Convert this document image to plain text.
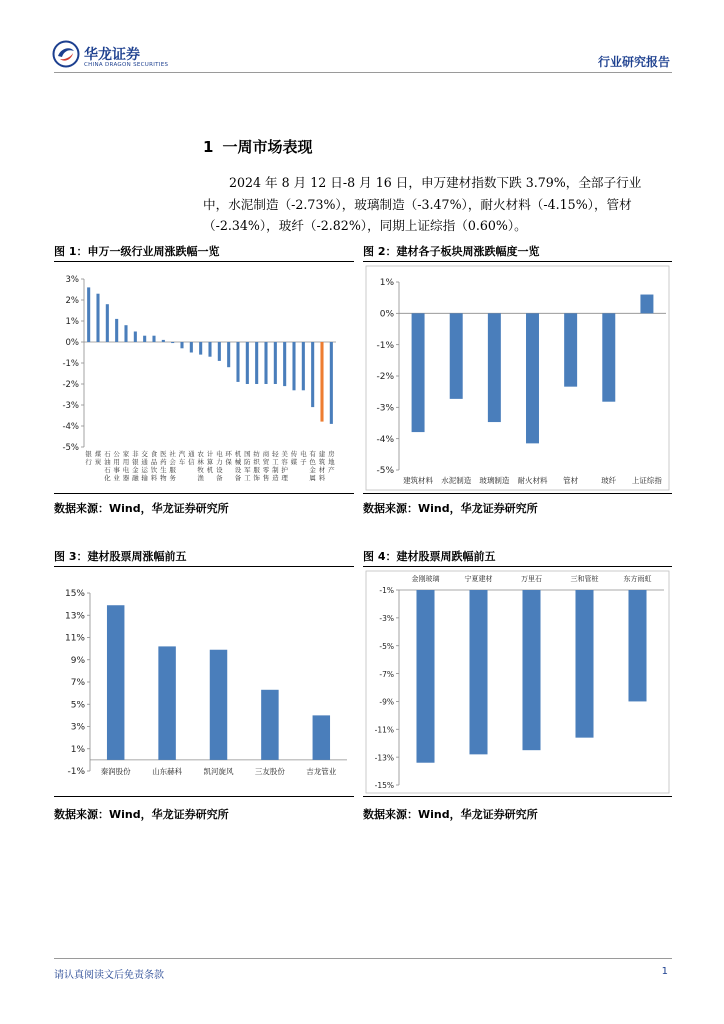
华龙证券
CHINA DRAGON SECURITIES	行业研究报告
1 一周市场表现
2024 年 8 月 12 日-8 月 16 日，申万建材指数下跌 3.79%，全部子行业
中，水泥制造（-2.73%），玻璃制造（-3.47%），耐火材料（-4.15%），管材
（-2.34%），玻纤（-2.82%），同期上证综指（0.60%）。
图 1：申万一级行业周涨跌幅一览
3%
2%
1%
0%
-1%
-2%
-3%
-4%
-5%
银
行
煤
炭
石
油
石
化
公
用
事
业
家
用
电
器
非
银
金
融
交
通
运
输
食
品
饮
料
医
药
生
物
社
会
服
务
汽
车
通
信
农
林
牧
渔
计
算
机
电
力
设
备
环
保
机
械
设
备
国
防
军
工
纺
织
服
饰
商
贸
零
售
轻
工
制
造
美
容
护
理
传
媒
电
子
有
色
金
属
建
筑
材
料
房
地
产
数据来源：Wind，华龙证券研究所
图 2：建材各子板块周涨跌幅度一览
1%
0%
-1%
-2%
-3%
-4%
-5%
建筑材料 水泥制造 玻璃制造 耐火材料 管材	玻纤 上证综指
数据来源：Wind，华龙证券研究所
图 3：建材股票周涨幅前五
15%
13%
11%
9%
7%
5%
3%
1%
-1% 秦润股份	山东赫科	凯河旋风	三友股份	吉龙管业
数据来源：Wind，华龙证券研究所
图 4：建材股票周跌幅前五
-1%
-3%
-5%
-7%
-9%
-11%
-13%
-15%
金刚玻璃	宁夏建材	万里石	三和管桩	东方雨虹
数据来源：Wind，华龙证券研究所
请认真阅读文后免责条款	1
